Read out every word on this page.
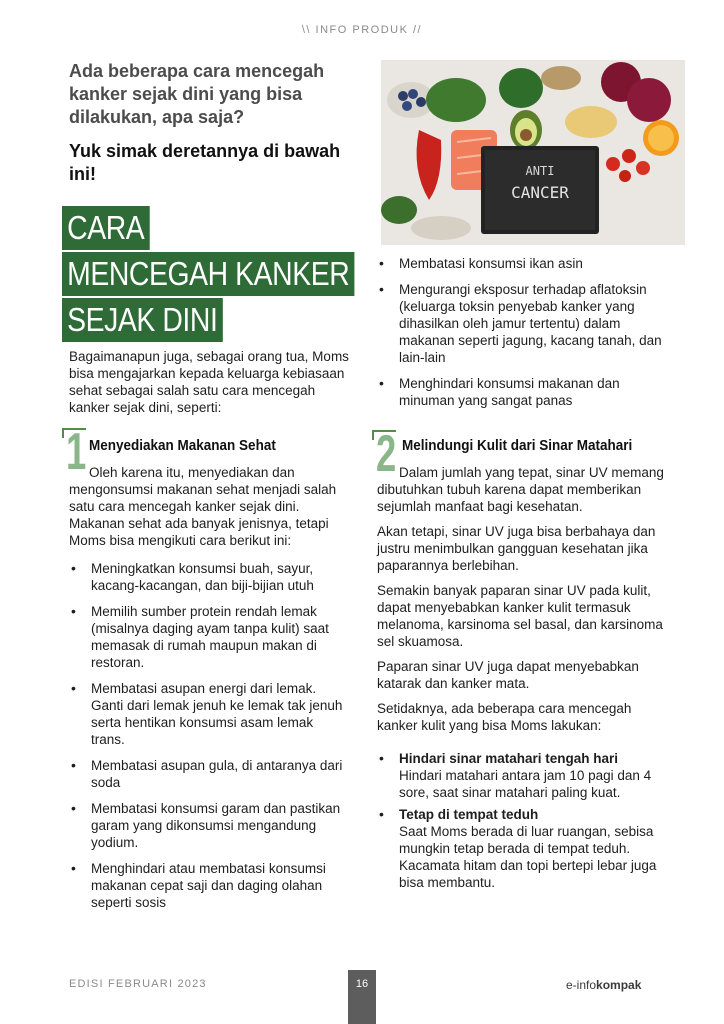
\\ INFO PRODUK //
Ada beberapa cara mencegah kanker sejak dini yang bisa dilakukan, apa saja?
Yuk simak deretannya di bawah ini!
CARA
MENCEGAH KANKER
SEJAK DINI
Bagaimanapun juga, sebagai orang tua, Moms bisa mengajarkan kepada keluarga kebiasaan sehat sebagai salah satu cara mencegah kanker sejak dini, seperti:
ANTI
CANCER
• Membatasi konsumsi ikan asin
• Mengurangi eksposur terhadap aflatoksin (keluarga toksin penyebab kanker yang dihasilkan oleh jamur tertentu) dalam makanan seperti jagung, kacang tanah, dan lain-lain
• Menghindari konsumsi makanan dan minuman yang sangat panas
1 Menyediakan Makanan Sehat
Oleh karena itu, menyediakan dan mengonsumsi makanan sehat menjadi salah satu cara mencegah kanker sejak dini. Makanan sehat ada banyak jenisnya, tetapi Moms bisa mengikuti cara berikut ini:
• Meningkatkan konsumsi buah, sayur, kacang-kacangan, dan biji-bijian utuh
• Memilih sumber protein rendah lemak (misalnya daging ayam tanpa kulit) saat memasak di rumah maupun makan di restoran.
• Membatasi asupan energi dari lemak. Ganti dari lemak jenuh ke lemak tak jenuh serta hentikan konsumsi asam lemak trans.
• Membatasi asupan gula, di antaranya dari soda
• Membatasi konsumsi garam dan pastikan garam yang dikonsumsi mengandung yodium.
• Menghindari atau membatasi konsumsi makanan cepat saji dan daging olahan seperti sosis
2 Melindungi Kulit dari Sinar Matahari
Dalam jumlah yang tepat, sinar UV memang dibutuhkan tubuh karena dapat memberikan sejumlah manfaat bagi kesehatan.
Akan tetapi, sinar UV juga bisa berbahaya dan justru menimbulkan gangguan kesehatan jika paparannya berlebihan.
Semakin banyak paparan sinar UV pada kulit, dapat menyebabkan kanker kulit termasuk melanoma, karsinoma sel basal, dan karsinoma sel skuamosa.
Paparan sinar UV juga dapat menyebabkan katarak dan kanker mata.
Setidaknya, ada beberapa cara mencegah kanker kulit yang bisa Moms lakukan:
• Hindari sinar matahari tengah hari
Hindari matahari antara jam 10 pagi dan 4 sore, saat sinar matahari paling kuat.
• Tetap di tempat teduh
Saat Moms berada di luar ruangan, sebisa mungkin tetap berada di tempat teduh. Kacamata hitam dan topi bertepi lebar juga bisa membantu.
EDISI FEBRUARI 2023	16	e-infokompak
